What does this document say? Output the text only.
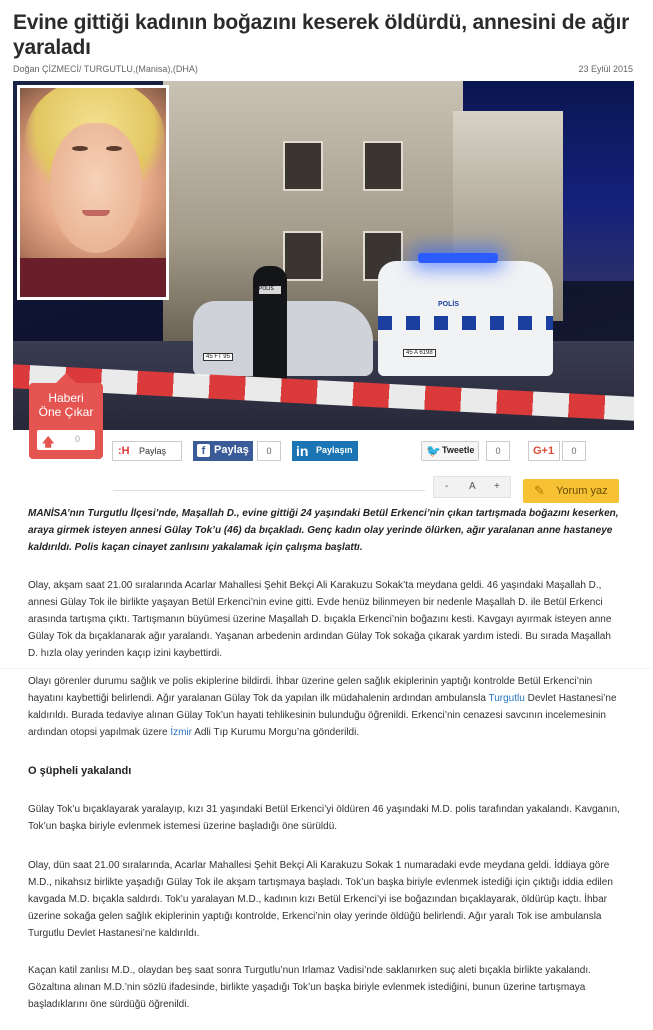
Evine gittiği kadının boğazını keserek öldürdü, annesini de ağır yaraladı
Doğan ÇİZMECİ/ TURGUTLU,(Manisa),(DHA)	23 Eylül 2015
45 FT 95
POLİS
45 A 6198
POLİS
Haberi
Öne Çıkar
🡅 0
:H Paylaş	f Paylaş	0	in Paylaşın	🐦 Tweetle	0	G+1	0
- A +	✎ Yorum yaz

MANİSA’nın Turgutlu İlçesi’nde, Maşallah D., evine gittiği 24 yaşındaki Betül Erkenci’nin çıkan tartışmada boğazını keserken, araya girmek isteyen annesi Gülay Tok’u (46) da bıçakladı. Genç kadın olay yerinde ölürken, ağır yaralanan anne hastaneye kaldırıldı. Polis kaçan cinayet zanlısını yakalamak için çalışma başlattı.

Olay, akşam saat 21.00 sıralarında Acarlar Mahallesi Şehit Bekçi Ali Karakuzu Sokak’ta meydana geldi. 46 yaşındaki Maşallah D., annesi Gülay Tok ile birlikte yaşayan Betül Erkenci’nin evine gitti. Evde henüz bilinmeyen bir nedenle Maşallah D. ile Betül Erkenci arasında tartışma çıktı. Tartışmanın büyümesi üzerine Maşallah D. bıçakla Erkenci’nin boğazını kesti. Kavgayı ayırmak isteyen anne Gülay Tok da bıçaklanarak ağır yaralandı. Yaşanan arbedenin ardından Gülay Tok sokağa çıkarak yardım istedi. Bu sırada Maşallah D. hızla olay yerinden kaçıp izini kaybettirdi.

Olayı görenler durumu sağlık ve polis ekiplerine bildirdi. İhbar üzerine gelen sağlık ekiplerinin yaptığı kontrolde Betül Erkenci’nin hayatını kaybettiği belirlendi. Ağır yaralanan Gülay Tok da yapılan ilk müdahalenin ardından ambulansla Turgutlu Devlet Hastanesi’ne kaldırıldı. Burada tedaviye alınan Gülay Tok’un hayati tehlikesinin bulunduğu öğrenildi. Erkenci’nin cenazesi savcının incelemesinin ardından otopsi yapılmak üzere İzmir Adli Tıp Kurumu Morgu’na gönderildi.

O şüpheli yakalandı

Gülay Tok’u bıçaklayarak yaralayıp, kızı 31 yaşındaki Betül Erkenci’yi öldüren 46 yaşındaki M.D. polis tarafından yakalandı. Kavganın, Tok’un başka biriyle evlenmek istemesi üzerine başladığı öne sürüldü.

Olay, dün saat 21.00 sıralarında, Acarlar Mahallesi Şehit Bekçi Ali Karakuzu Sokak 1 numaradaki evde meydana geldi. İddiaya göre M.D., nikahsız birlikte yaşadığı Gülay Tok ile akşam tartışmaya başladı. Tok’un başka biriyle evlenmek istediği için çıktığı iddia edilen kavgada M.D. bıçakla saldırdı. Tok’u yaralayan M.D., kadının kızı Betül Erkenci’yi ise boğazından bıçaklayarak, öldürüp kaçtı. İhbar üzerine sokağa gelen sağlık ekiplerinin yaptığı kontrolde, Erkenci’nin olay yerinde öldüğü belirlendi. Ağır yaralı Tok ise ambulansla Turgutlu Devlet Hastanesi’ne kaldırıldı.

Kaçan katil zanlısı M.D., olaydan beş saat sonra Turgutlu’nun Irlamaz Vadisi’nde saklanırken suç aleti bıçakla birlikte yakalandı. Gözaltına alınan M.D.’nin sözlü ifadesinde, birlikte yaşadığı Tok’un başka biriyle evlenmek istediğini, bunun üzerine tartışmaya başladıklarını öne sürdüğü öğrenildi.
